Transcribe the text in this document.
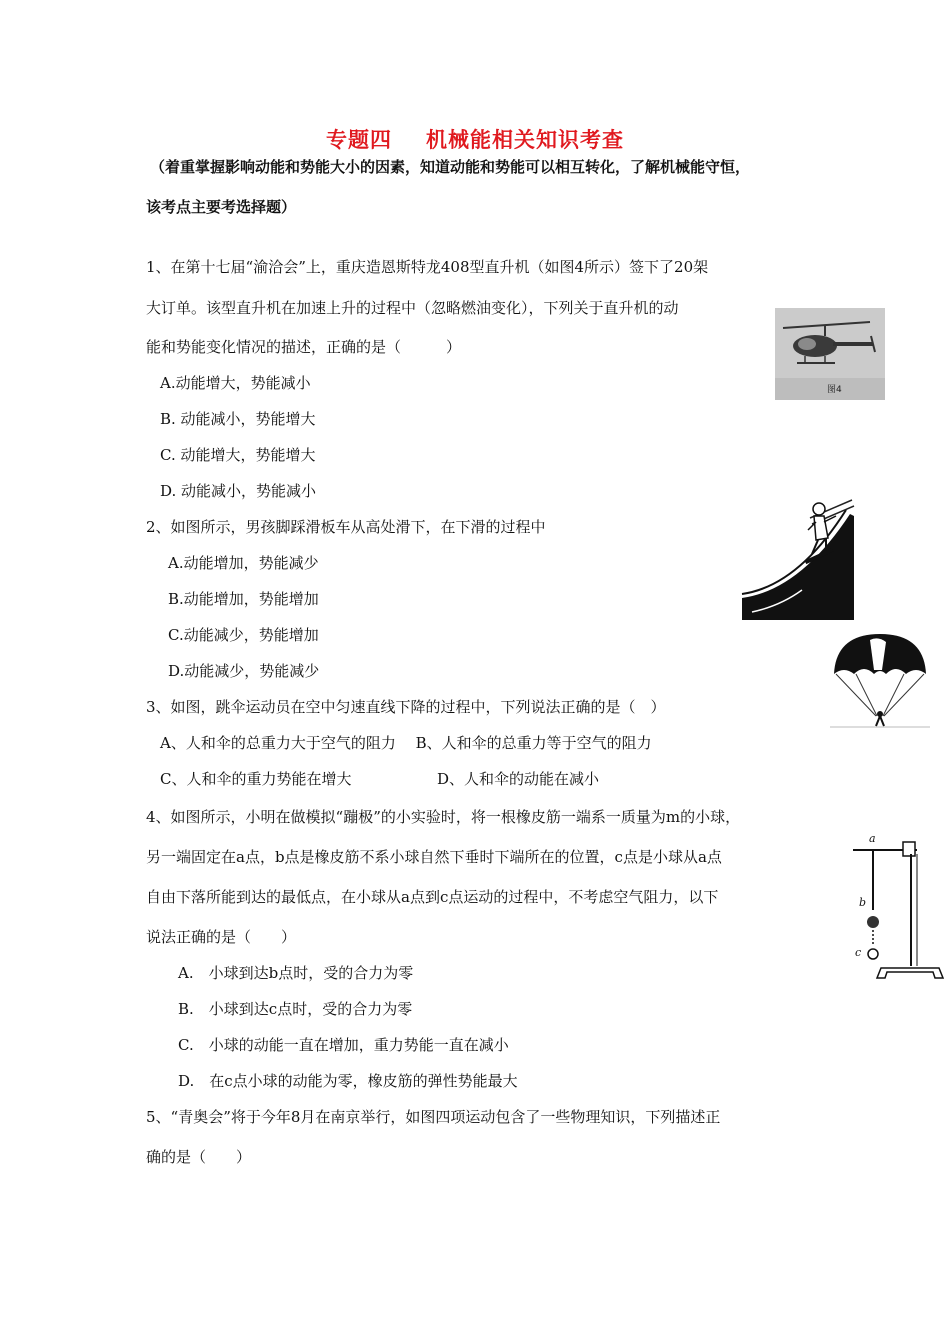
专题四 机械能相关知识考查
（着重掌握影响动能和势能大小的因素，知道动能和势能可以相互转化，了解机械能守恒，
该考点主要考选择题）
1、在第十七届“渝洽会”上，重庆造恩斯特龙408型直升机（如图4所示）签下了20架
大订单。该型直升机在加速上升的过程中（忽略燃油变化），下列关于直升机的动
能和势能变化情况的描述，正确的是（　　　）
A.动能增大，势能减小
B. 动能减小，势能增大
C. 动能增大，势能增大
D. 动能减小，势能减小
图4
2、如图所示，男孩脚踩滑板车从高处滑下，在下滑的过程中
A.动能增加，势能减少
B.动能增加，势能增加
C.动能减少，势能增加
D.动能减少，势能减少
3、如图，跳伞运动员在空中匀速直线下降的过程中，下列说法正确的是（　）
A、人和伞的总重力大于空气的阻力　 B、人和伞的总重力等于空气的阻力
C、人和伞的重力势能在增大	D、人和伞的动能在减小
4、如图所示，小明在做模拟“蹦极”的小实验时，将一根橡皮筋一端系一质量为m的小球，
另一端固定在a点，b点是橡皮筋不系小球自然下垂时下端所在的位置，c点是小球从a点
自由下落所能到达的最低点，在小球从a点到c点运动的过程中，不考虑空气阻力，以下
说法正确的是（　　）
A.　小球到达b点时，受的合力为零
B.　小球到达c点时，受的合力为零
C.　小球的动能一直在增加，重力势能一直在减小
D.　在c点小球的动能为零，橡皮筋的弹性势能最大
a
b
c
5、“青奥会”将于今年8月在南京举行，如图四项运动包含了一些物理知识，下列描述正
确的是（　　）
